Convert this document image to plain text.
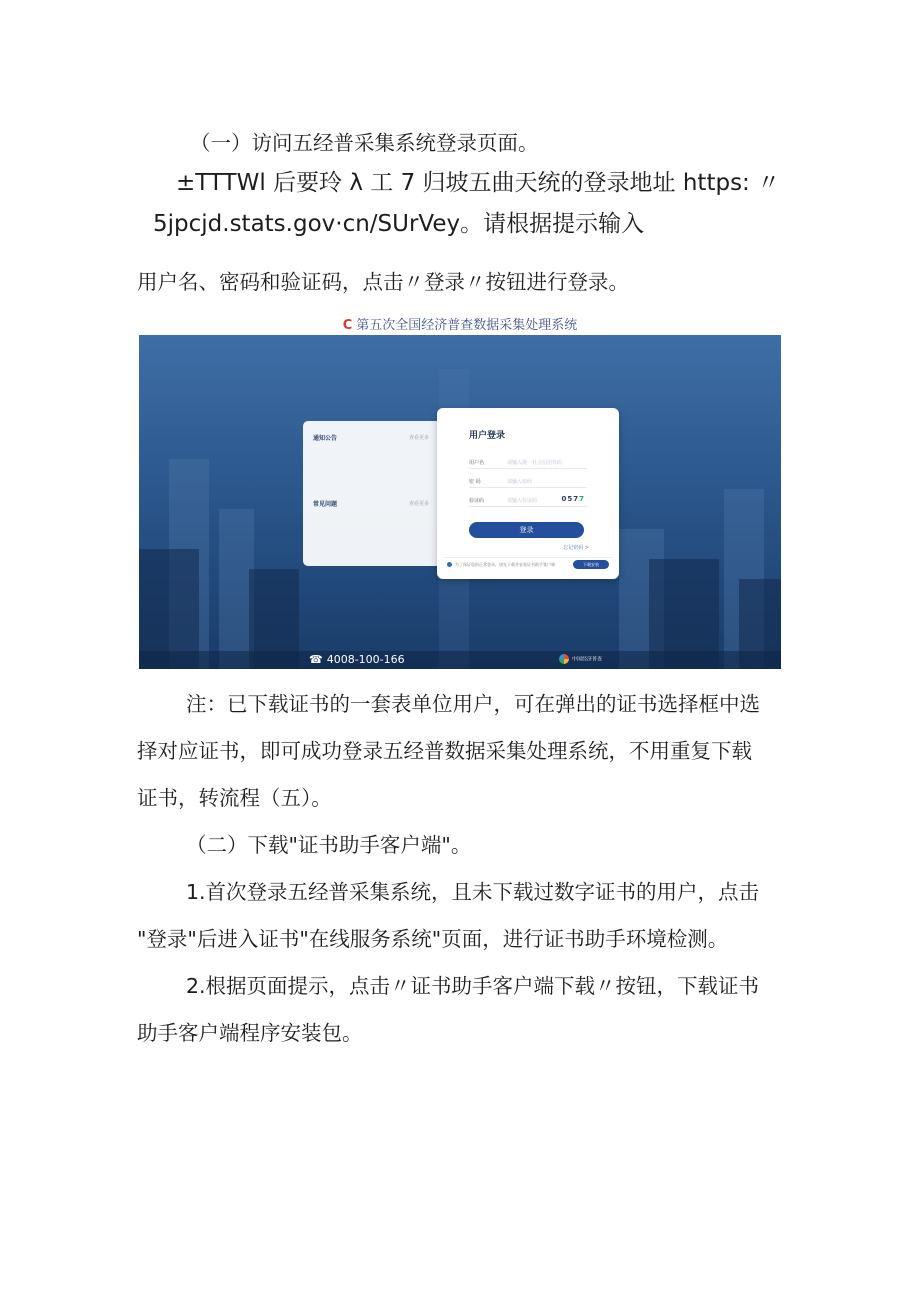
（一）访问五经普采集系统登录页面。
±TTTWl 后要玲 λ 工 7 归坡五曲天统的登录地址 https: 〃
5jpcjd.stats.gov·cn/SUrVey。请根据提示输入
用户名、密码和验证码，点击〃登录〃按钮进行登录。
C 第五次全国经济普查数据采集处理系统
通知公告	查看更多
常见问题	查看更多
用户登录
用户名	请输入统一社会信用代码
密 码	请输入密码
验证码	请输入验证码	0577
登录
忘记密码 >
为了保证您的正常登录，请先下载并安装证书助手客户端	下载安装
☎ 4008-100-166	中国经济普查
注：已下载证书的一套表单位用户，可在弹出的证书选择框中选
择对应证书，即可成功登录五经普数据采集处理系统，不用重复下载
证书，转流程（五）。
（二）下载"证书助手客户端"。
1.首次登录五经普采集系统，且未下载过数字证书的用户，点击
"登录"后进入证书"在线服务系统"页面，进行证书助手环境检测。
2.根据页面提示，点击〃证书助手客户端下载〃按钮，下载证书
助手客户端程序安装包。
